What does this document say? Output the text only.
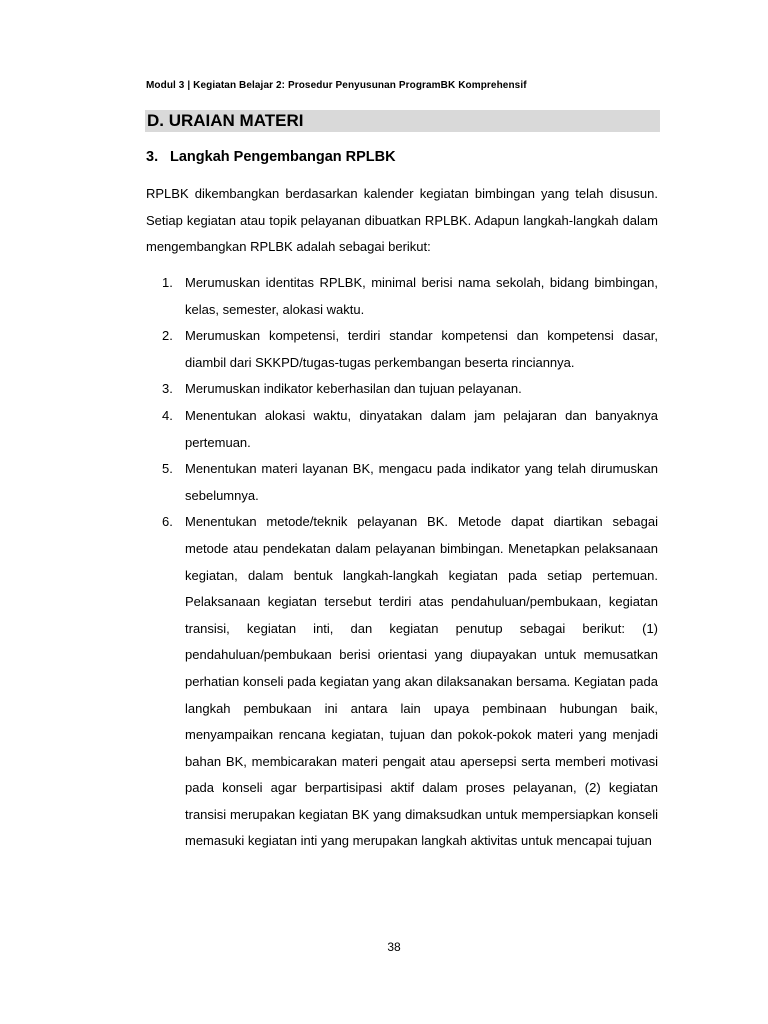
Modul 3 | Kegiatan Belajar 2: Prosedur Penyusunan ProgramBK Komprehensif
D. URAIAN MATERI
3. Langkah Pengembangan RPLBK

RPLBK dikembangkan berdasarkan kalender kegiatan bimbingan yang telah disusun. Setiap kegiatan atau topik pelayanan dibuatkan RPLBK. Adapun langkah-langkah dalam mengembangkan RPLBK adalah sebagai berikut:

1. Merumuskan identitas RPLBK, minimal berisi nama sekolah, bidang bimbingan, kelas, semester, alokasi waktu.
2. Merumuskan kompetensi, terdiri standar kompetensi dan kompetensi dasar, diambil dari SKKPD/tugas-tugas perkembangan beserta rinciannya.
3. Merumuskan indikator keberhasilan dan tujuan pelayanan.
4. Menentukan alokasi waktu, dinyatakan dalam jam pelajaran dan banyaknya pertemuan.
5. Menentukan materi layanan BK, mengacu pada indikator yang telah dirumuskan sebelumnya.
6. Menentukan metode/teknik pelayanan BK. Metode dapat diartikan sebagai metode atau pendekatan dalam pelayanan bimbingan. Menetapkan pelaksanaan kegiatan, dalam bentuk langkah-langkah kegiatan pada setiap pertemuan. Pelaksanaan kegiatan tersebut terdiri atas pendahuluan/pembukaan, kegiatan transisi, kegiatan inti, dan kegiatan penutup sebagai berikut: (1) pendahuluan/pembukaan berisi orientasi yang diupayakan untuk memusatkan perhatian konseli pada kegiatan yang akan dilaksanakan bersama. Kegiatan pada langkah pembukaan ini antara lain upaya pembinaan hubungan baik, menyampaikan rencana kegiatan, tujuan dan pokok-pokok materi yang menjadi bahan BK, membicarakan materi pengait atau apersepsi serta memberi motivasi pada konseli agar berpartisipasi aktif dalam proses pelayanan, (2) kegiatan transisi merupakan kegiatan BK yang dimaksudkan untuk mempersiapkan konseli memasuki kegiatan inti yang merupakan langkah aktivitas untuk mencapai tujuan
38
